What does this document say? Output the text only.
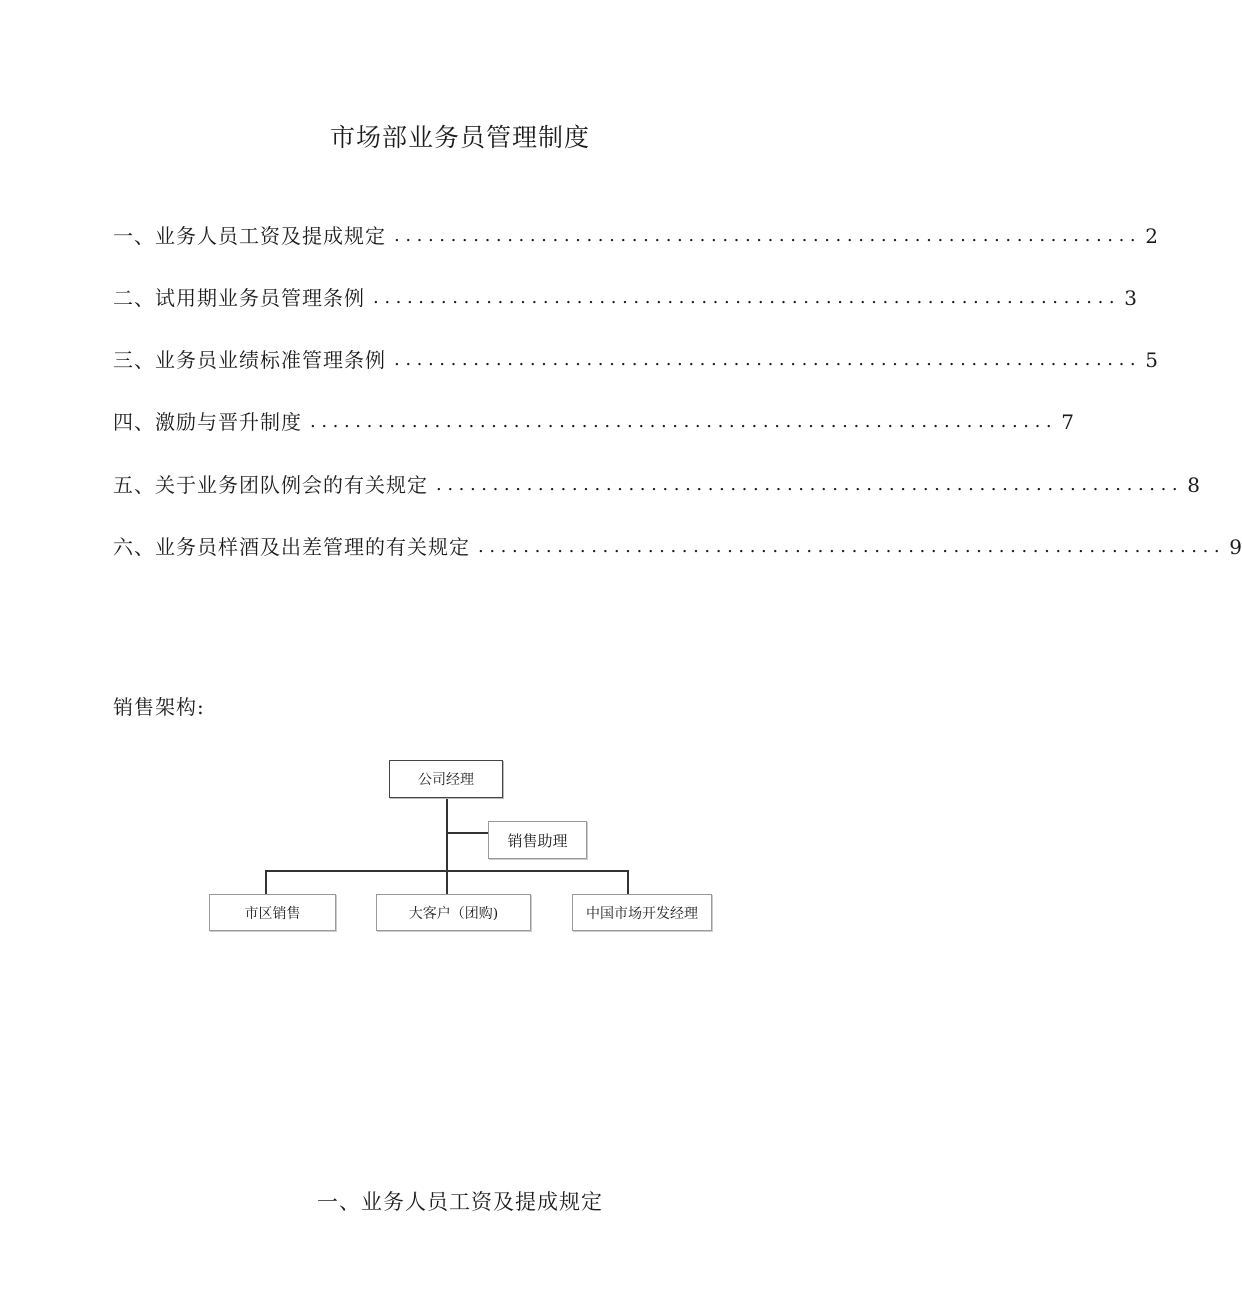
市场部业务员管理制度
一、业务人员工资及提成规定 .................................................................. 2
二、试用期业务员管理条例 .................................................................. 3
三、业务员业绩标准管理条例 .................................................................. 5
四、激励与晋升制度 .................................................................. 7
五、关于业务团队例会的有关规定 .................................................................. 8
六、业务员样酒及出差管理的有关规定 .................................................................. 9
销售架构:
公司经理
销售助理
市区销售	大客户（团购)	中国市场开发经理
一、业务人员工资及提成规定
